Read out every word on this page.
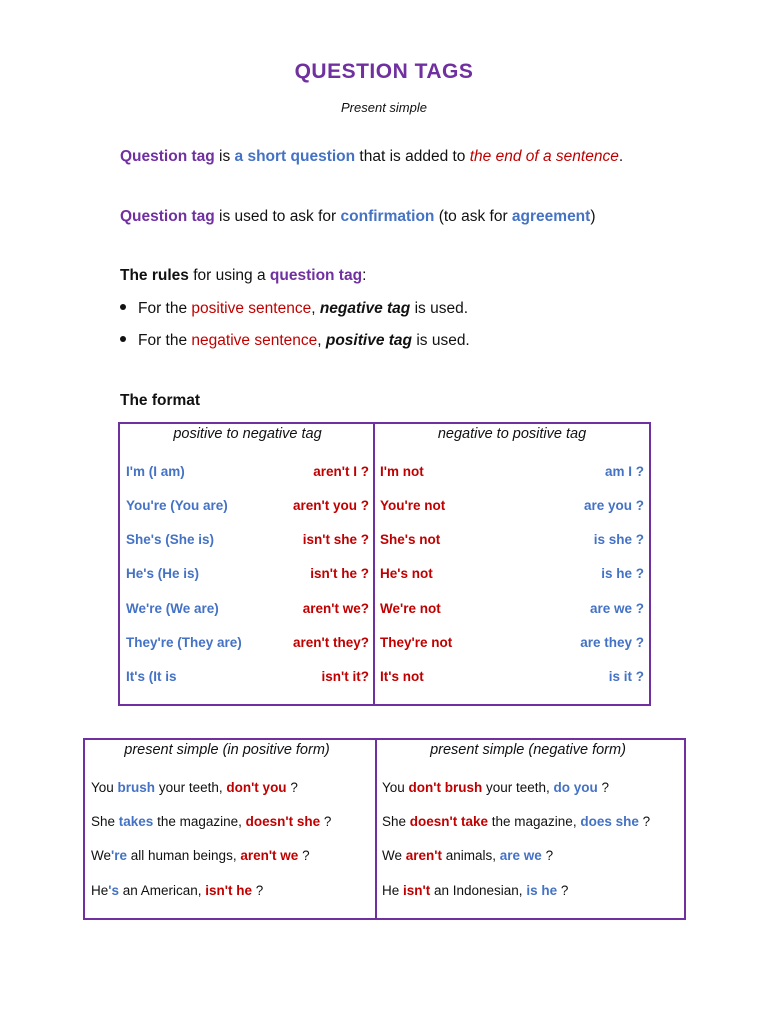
QUESTION TAGS
Present simple
Question tag is a short question that is added to the end of a sentence.
Question tag is used to ask for confirmation (to ask for agreement)
The rules for using a question tag:
For the positive sentence, negative tag is used.
For the negative sentence, positive tag is used.
The format
positive to negative tag
I'm (I am)	aren't I ?
You're (You are)	aren't you ?
She's (She is)	isn't she ?
He's (He is)	isn't he ?
We're (We are)	aren't we?
They're (They are)	aren't they?
It's (It is	isn't it?
negative to positive tag
I'm not	am I ?
You're not	are you ?
She's not	is she ?
He's not	is he ?
We're not	are we ?
They're not	are they ?
It's not	is it ?
present simple (in positive form)
You brush your teeth, don't you ?
She takes the magazine, doesn't she ?
We're all human beings, aren't we ?
He's an American, isn't he ?
present simple (negative form)
You don't brush your teeth, do you ?
She doesn't take the magazine, does she ?
We aren't animals, are we ?
He isn't an Indonesian, is he ?
